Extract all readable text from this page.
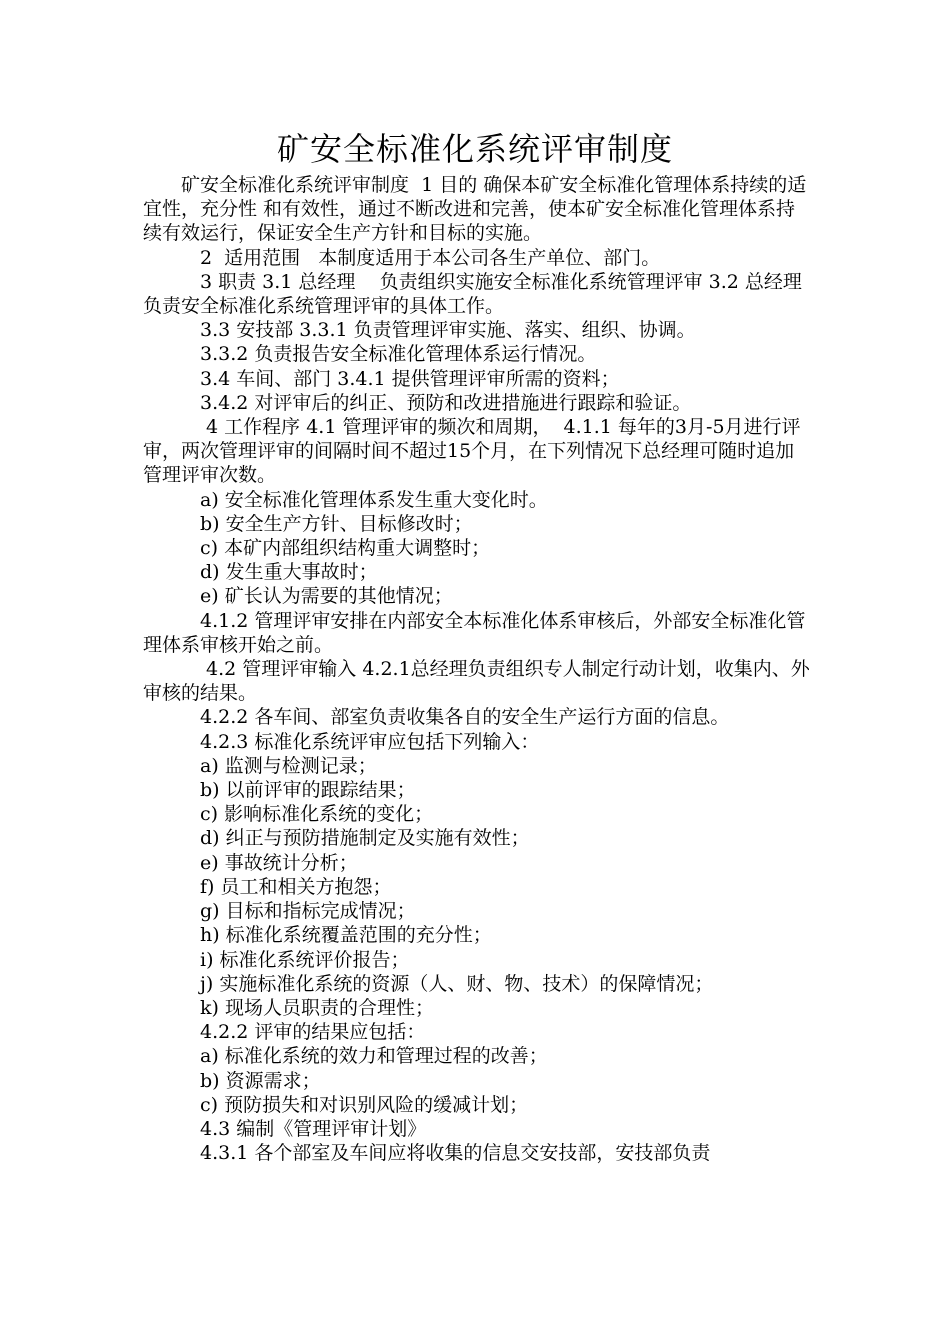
矿安全标准化系统评审制度

矿安全标准化系统评审制度  1 目的 确保本矿安全标准化管理体系持续的适宜性，充分性 和有效性，通过不断改进和完善，使本矿安全标准化管理体系持续有效运行，保证安全生产方针和目标的实施。

2  适用范围   本制度适用于本公司各生产单位、部门。

3 职责 3.1 总经理    负责组织实施安全标准化系统管理评审 3.2 总经理    负责安全标准化系统管理评审的具体工作。

3.3 安技部 3.3.1 负责管理评审实施、落实、组织、协调。

3.3.2 负责报告安全标准化管理体系运行情况。

3.4 车间、部门 3.4.1 提供管理评审所需的资料；

3.4.2 对评审后的纠正、预防和改进措施进行跟踪和验证。

4 工作程序 4.1 管理评审的频次和周期，  4.1.1 每年的3月-5月进行评审，两次管理评审的间隔时间不超过15个月，在下列情况下总经理可随时追加管理评审次数。

a) 安全标准化管理体系发生重大变化时。

b) 安全生产方针、目标修改时；

c) 本矿内部组织结构重大调整时；

d) 发生重大事故时；

e) 矿长认为需要的其他情况；

4.1.2 管理评审安排在内部安全本标准化体系审核后，外部安全标准化管理体系审核开始之前。

4.2 管理评审输入 4.2.1总经理负责组织专人制定行动计划，收集内、外审核的结果。

4.2.2 各车间、部室负责收集各自的安全生产运行方面的信息。

4.2.3 标准化系统评审应包括下列输入：

a) 监测与检测记录；

b) 以前评审的跟踪结果；

c) 影响标准化系统的变化；

d) 纠正与预防措施制定及实施有效性；

e) 事故统计分析；

f) 员工和相关方抱怨；

g) 目标和指标完成情况；

h) 标准化系统覆盖范围的充分性；

i) 标准化系统评价报告；

j) 实施标准化系统的资源（人、财、物、技术）的保障情况；

k) 现场人员职责的合理性；

4.2.2 评审的结果应包括：

a) 标准化系统的效力和管理过程的改善；

b) 资源需求；

c) 预防损失和对识别风险的缓减计划；

4.3 编制《管理评审计划》

4.3.1 各个部室及车间应将收集的信息交安技部，安技部负责
